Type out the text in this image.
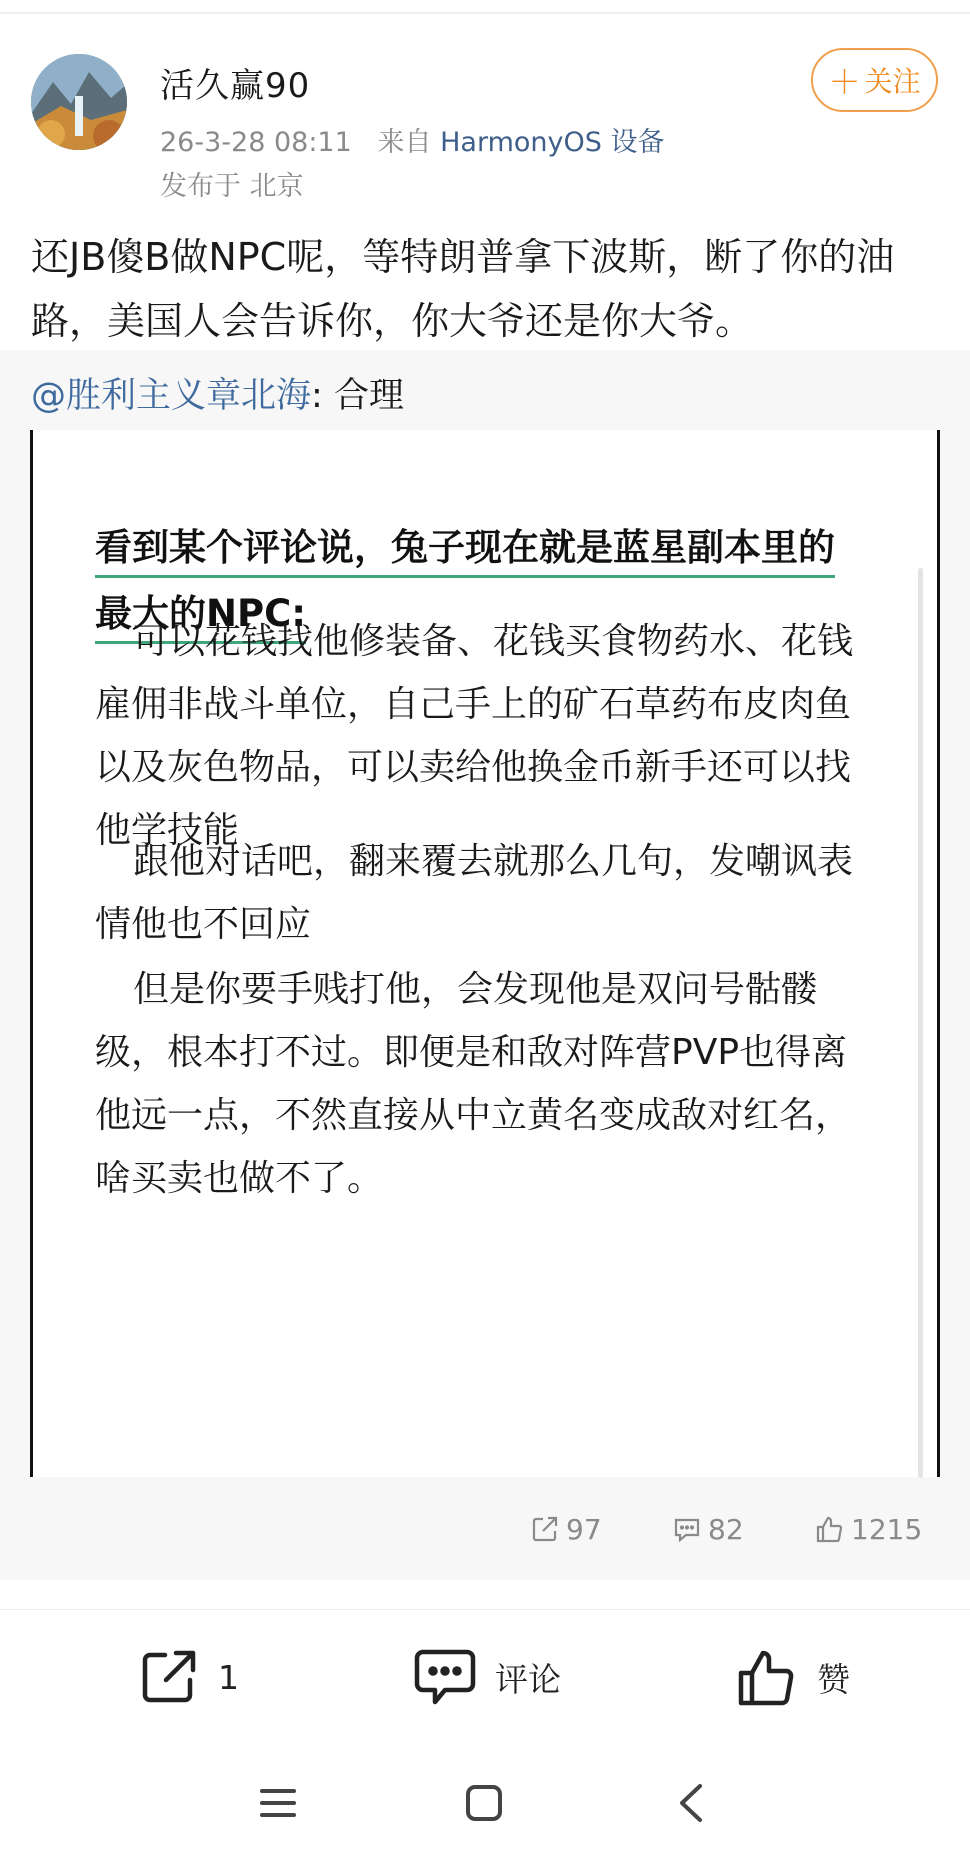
活久赢90
26-3-28 08:11 来自 HarmonyOS 设备
发布于 北京
＋ 关注
还JB傻B做NPC呢，等特朗普拿下波斯，断了你的油路，美国人会告诉你，你大爷还是你大爷。
@胜利主义章北海: 合理
看到某个评论说，兔子现在就是蓝星副本里的最大的NPC:
可以花钱找他修装备、花钱买食物药水、花钱雇佣非战斗单位，自己手上的矿石草药布皮肉鱼以及灰色物品，可以卖给他换金币新手还可以找他学技能
跟他对话吧，翻来覆去就那么几句，发嘲讽表情他也不回应
但是你要手贱打他，会发现他是双问号骷髅级，根本打不过。即便是和敌对阵营PVP也得离他远一点，不然直接从中立黄名变成敌对红名，啥买卖也做不了。
97	82	1215
1	评论	赞
